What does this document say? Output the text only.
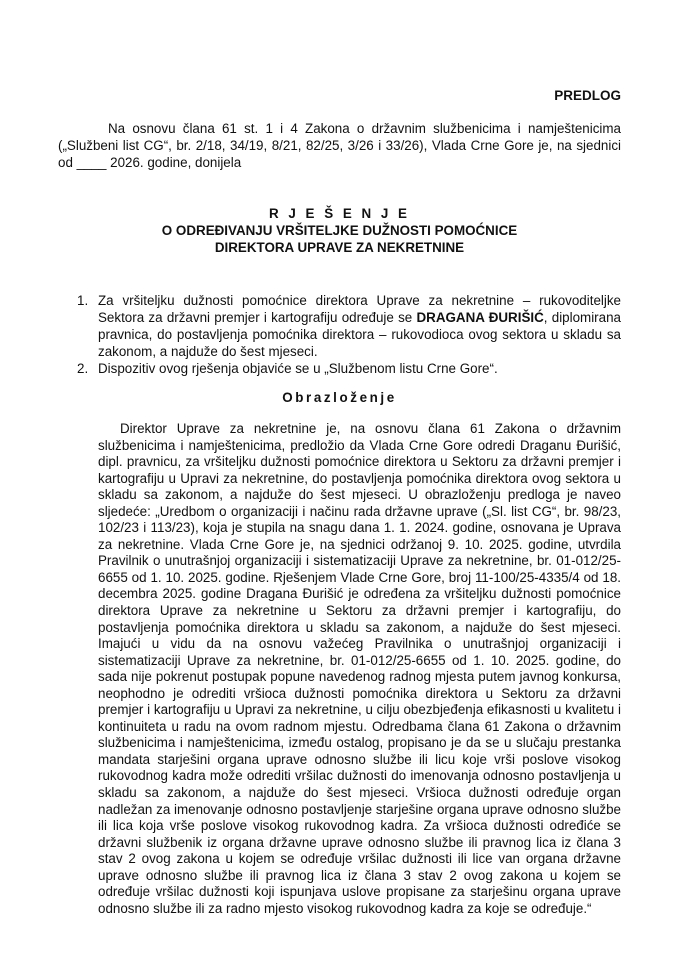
PREDLOG

Na osnovu člana 61 st. 1 i 4 Zakona o državnim službenicima i namještenicima („Službeni list CG“, br. 2/18, 34/19, 8/21, 82/25, 3/26 i 33/26), Vlada Crne Gore je, na sjednici od ____ 2026. godine, donijela

R J E Š E N J E
O ODREĐIVANJU VRŠITELJKE DUŽNOSTI POMOĆNICE
DIREKTORA UPRAVE ZA NEKRETNINE
1. Za vršiteljku dužnosti pomoćnice direktora Uprave za nekretnine – rukovoditeljke Sektora za državni premjer i kartografiju određuje se DRAGANA ĐURIŠIĆ, diplomirana pravnica, do postavljenja pomoćnika direktora – rukovodioca ovog sektora u skladu sa zakonom, a najduže do šest mjeseci.
2. Dispozitiv ovog rješenja objaviće se u „Službenom listu Crne Gore“.
Obrazloženje

Direktor Uprave za nekretnine je, na osnovu člana 61 Zakona o državnim službenicima i namještenicima, predložio da Vlada Crne Gore odredi Draganu Đurišić, dipl. pravnicu, za vršiteljku dužnosti pomoćnice direktora u Sektoru za državni premjer i kartografiju u Upravi za nekretnine, do postavljenja pomoćnika direktora ovog sektora u skladu sa zakonom, a najduže do šest mjeseci. U obrazloženju predloga je naveo sljedeće: „Uredbom o organizaciji i načinu rada državne uprave („Sl. list CG“, br. 98/23, 102/23 i 113/23), koja je stupila na snagu dana 1. 1. 2024. godine, osnovana je Uprava za nekretnine. Vlada Crne Gore je, na sjednici održanoj 9. 10. 2025. godine, utvrdila Pravilnik o unutrašnjoj organizaciji i sistematizaciji Uprave za nekretnine, br. 01-012/25-6655 od 1. 10. 2025. godine. Rješenjem Vlade Crne Gore, broj 11-100/25-4335/4 od 18. decembra 2025. godine Dragana Đurišić je određena za vršiteljku dužnosti pomoćnice direktora Uprave za nekretnine u Sektoru za državni premjer i kartografiju, do postavljenja pomoćnika direktora u skladu sa zakonom, a najduže do šest mjeseci. Imajući u vidu da na osnovu važećeg Pravilnika o unutrašnjoj organizaciji i sistematizaciji Uprave za nekretnine, br. 01-012/25-6655 od 1. 10. 2025. godine, do sada nije pokrenut postupak popune navedenog radnog mjesta putem javnog konkursa, neophodno je odrediti vršioca dužnosti pomoćnika direktora u Sektoru za državni premjer i kartografiju u Upravi za nekretnine, u cilju obezbjeđenja efikasnosti u kvalitetu i kontinuiteta u radu na ovom radnom mjestu. Odredbama člana 61 Zakona o državnim službenicima i namještenicima, između ostalog, propisano je da se u slučaju prestanka mandata starješini organa uprave odnosno službe ili licu koje vrši poslove visokog rukovodnog kadra može odrediti vršilac dužnosti do imenovanja odnosno postavljenja u skladu sa zakonom, a najduže do šest mjeseci. Vršioca dužnosti određuje organ nadležan za imenovanje odnosno postavljenje starješine organa uprave odnosno službe ili lica koja vrše poslove visokog rukovodnog kadra. Za vršioca dužnosti određiće se državni službenik iz organa državne uprave odnosno službe ili pravnog lica iz člana 3 stav 2 ovog zakona u kojem se određuje vršilac dužnosti ili lice van organa državne uprave odnosno službe ili pravnog lica iz člana 3 stav 2 ovog zakona u kojem se određuje vršilac dužnosti koji ispunjava uslove propisane za starješinu organa uprave odnosno službe ili za radno mjesto visokog rukovodnog kadra za koje se određuje.“
